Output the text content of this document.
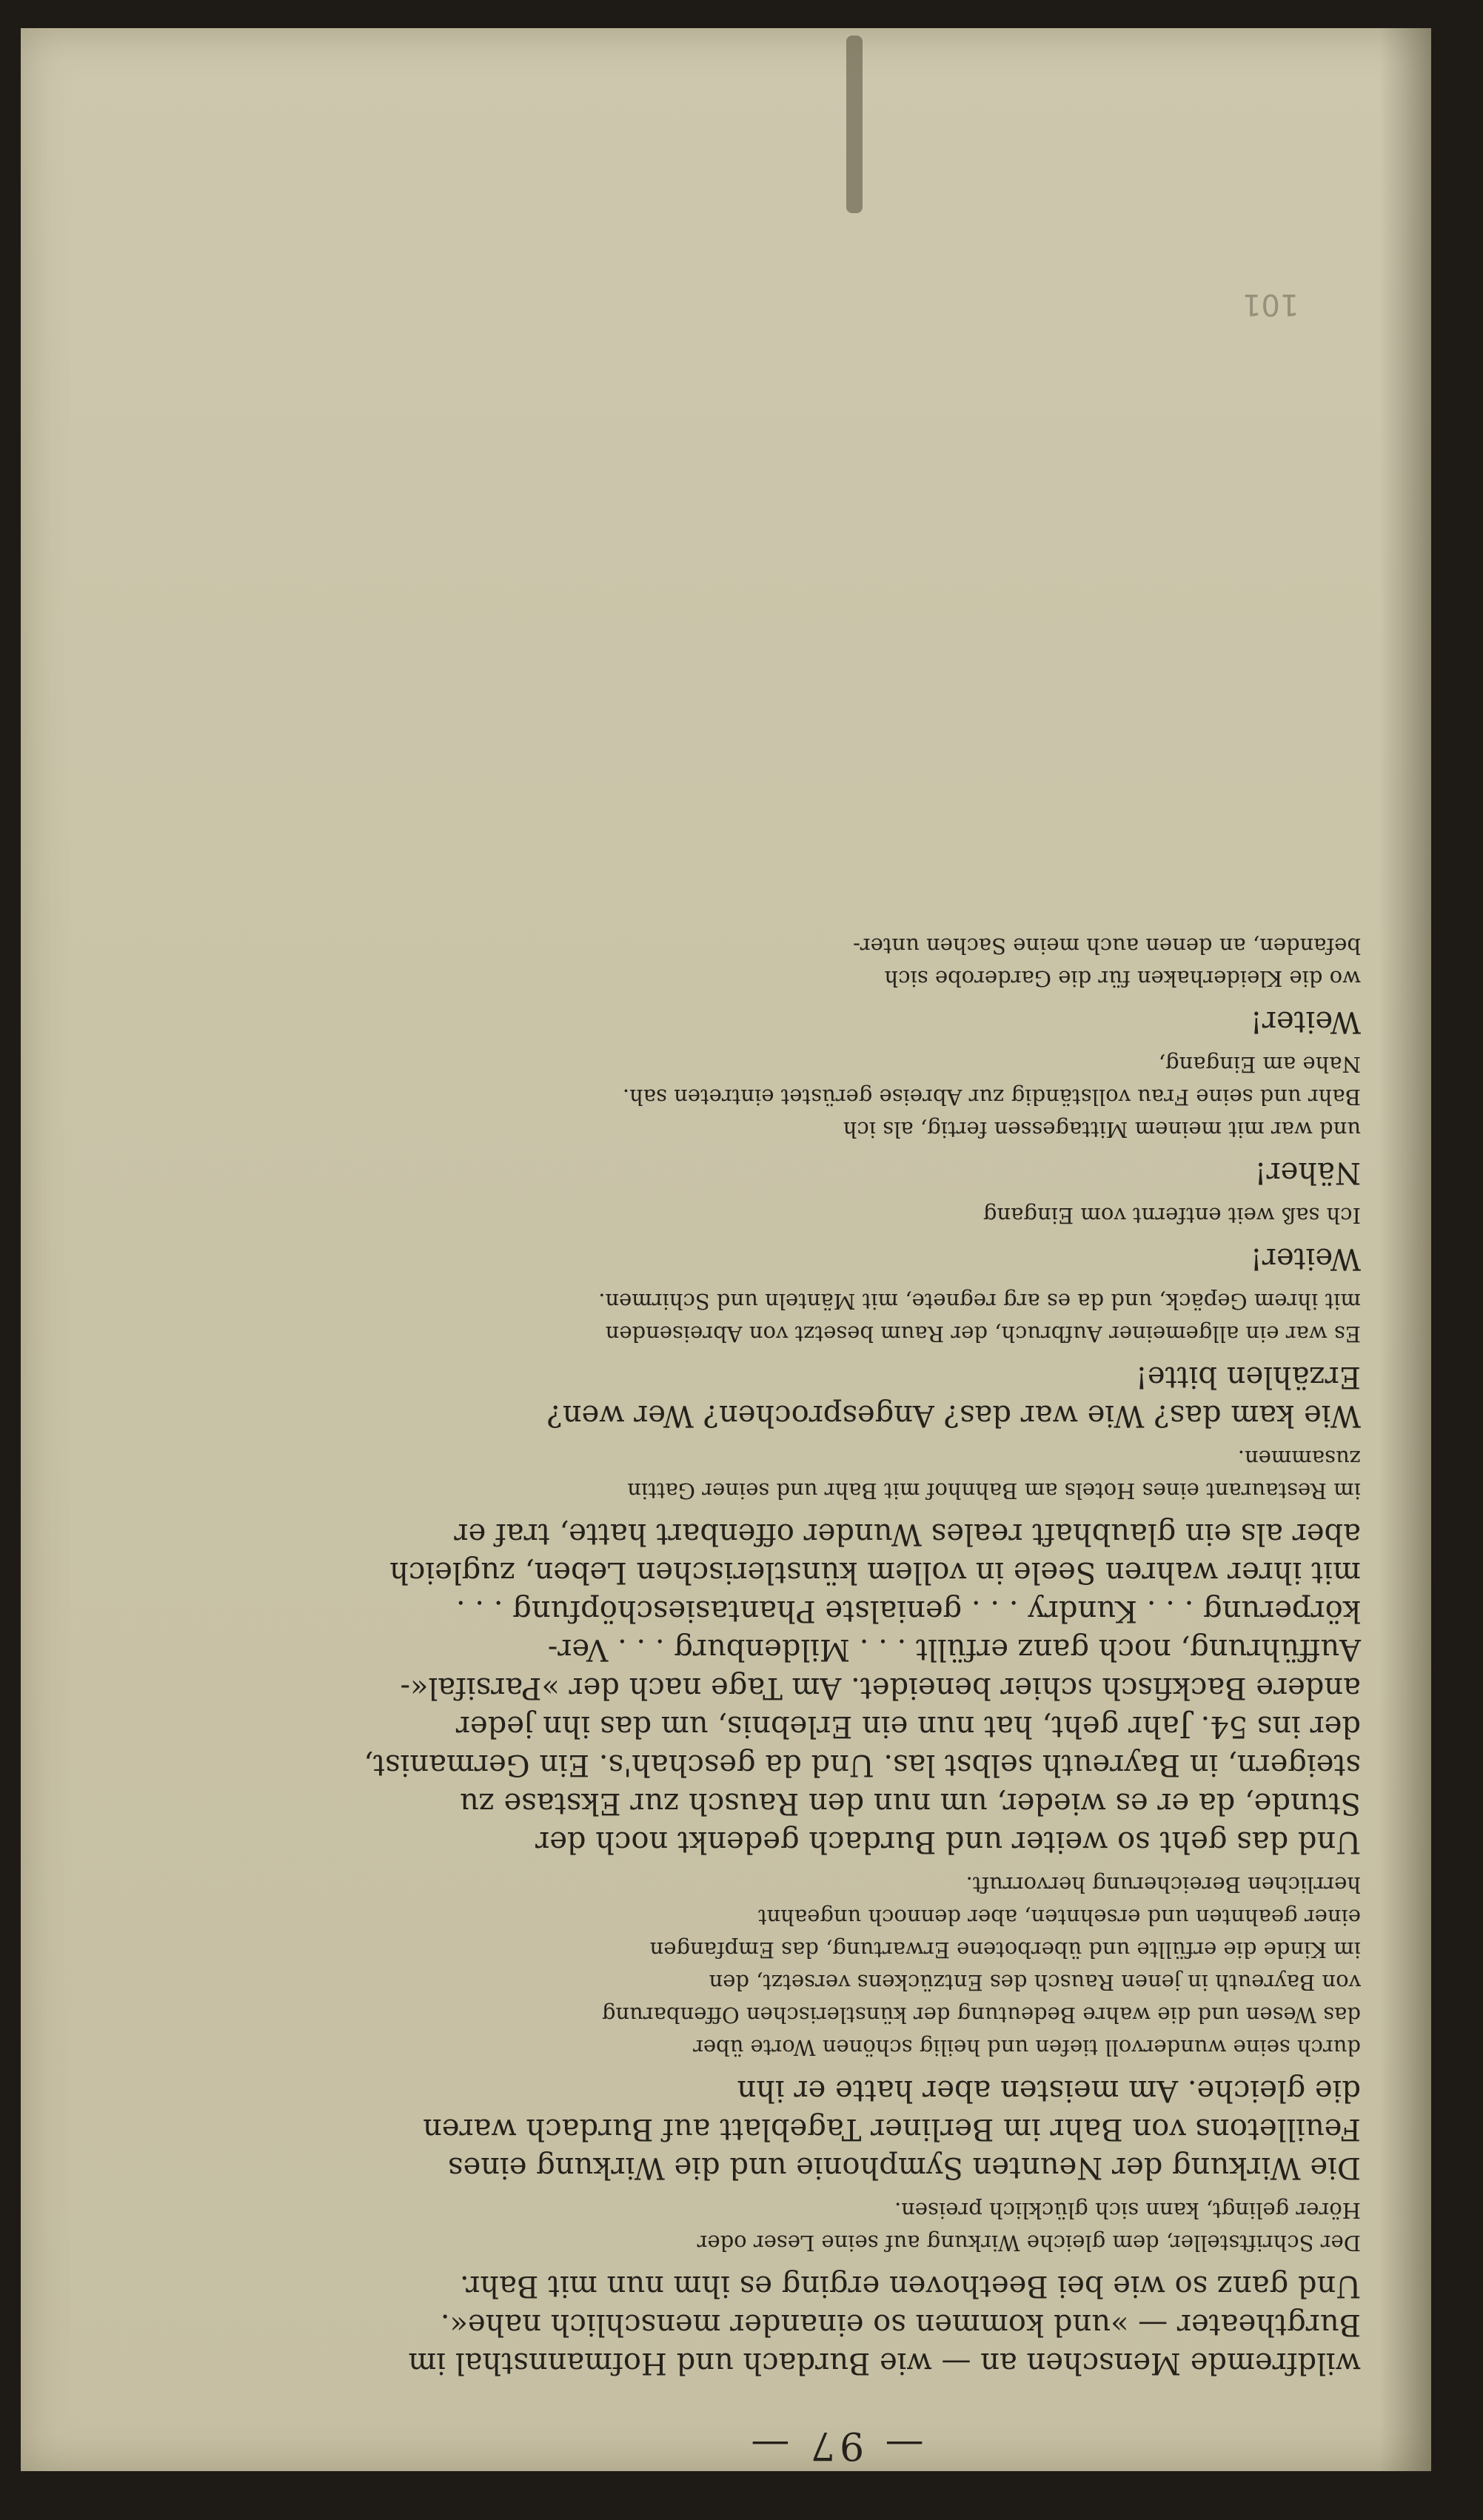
101
— 97 —
wildfremde Menschen an — wie Burdach und Hofmannsthal im
Burgtheater — »und kommen so einander menschlich nahe«.
Und ganz so wie bei Beethoven erging es ihm nun mit Bahr.
Der Schriftsteller, dem gleiche Wirkung auf seine Leser oder
Hörer gelingt, kann sich glücklich preisen.
Die Wirkung der Neunten Symphonie und die Wirkung eines
Feuilletons von Bahr im Berliner Tageblatt auf Burdach waren
die gleiche. Am meisten aber hatte er ihn
durch seine wundervoll tiefen und heilig schönen Worte über
das Wesen und die wahre Bedeutung der künstlerischen Offenbarung
von Bayreuth in jenen Rausch des Entzückens versetzt, den
im Kinde die erfüllte und überbotene Erwartung, das Empfangen
einer geahnten und ersehnten, aber dennoch ungeahnt
herrlichen Bereicherung hervorruft.
Und das geht so weiter und Burdach gedenkt noch der
Stunde, da er es wieder, um nun den Rausch zur Ekstase zu
steigern, in Bayreuth selbst las. Und da geschah's. Ein Germanist,
der ins 54. Jahr geht, hat nun ein Erlebnis, um das ihn jeder
andere Backfisch schier beneidet. Am Tage nach der »Parsifal«-
Aufführung, noch ganz erfüllt . . . Mildenburg . . . Ver-
körperung . . . Kundry . . . genialste Phantasieschöpfung . . .
mit ihrer wahren Seele in vollem künstlerischen Leben, zugleich
aber als ein glaubhaft reales Wunder offenbart hatte, traf er
im Restaurant eines Hotels am Bahnhof mit Bahr und seiner Gattin
zusammen.
Wie kam das? Wie war das? Angesprochen? Wer wen?
Erzählen bitte!
Es war ein allgemeiner Aufbruch, der Raum besetzt von Abreisenden
mit ihrem Gepäck, und da es arg regnete, mit Mänteln und Schirmen.
Weiter!
Ich saß weit entfernt vom Eingang
Näher!
und war mit meinem Mittagessen fertig, als ich
Bahr und seine Frau vollständig zur Abreise gerüstet eintreten sah.
Nahe am Eingang,
Weiter!
wo die Kleiderhaken für die Garderobe sich
befanden, an denen auch meine Sachen unter-
